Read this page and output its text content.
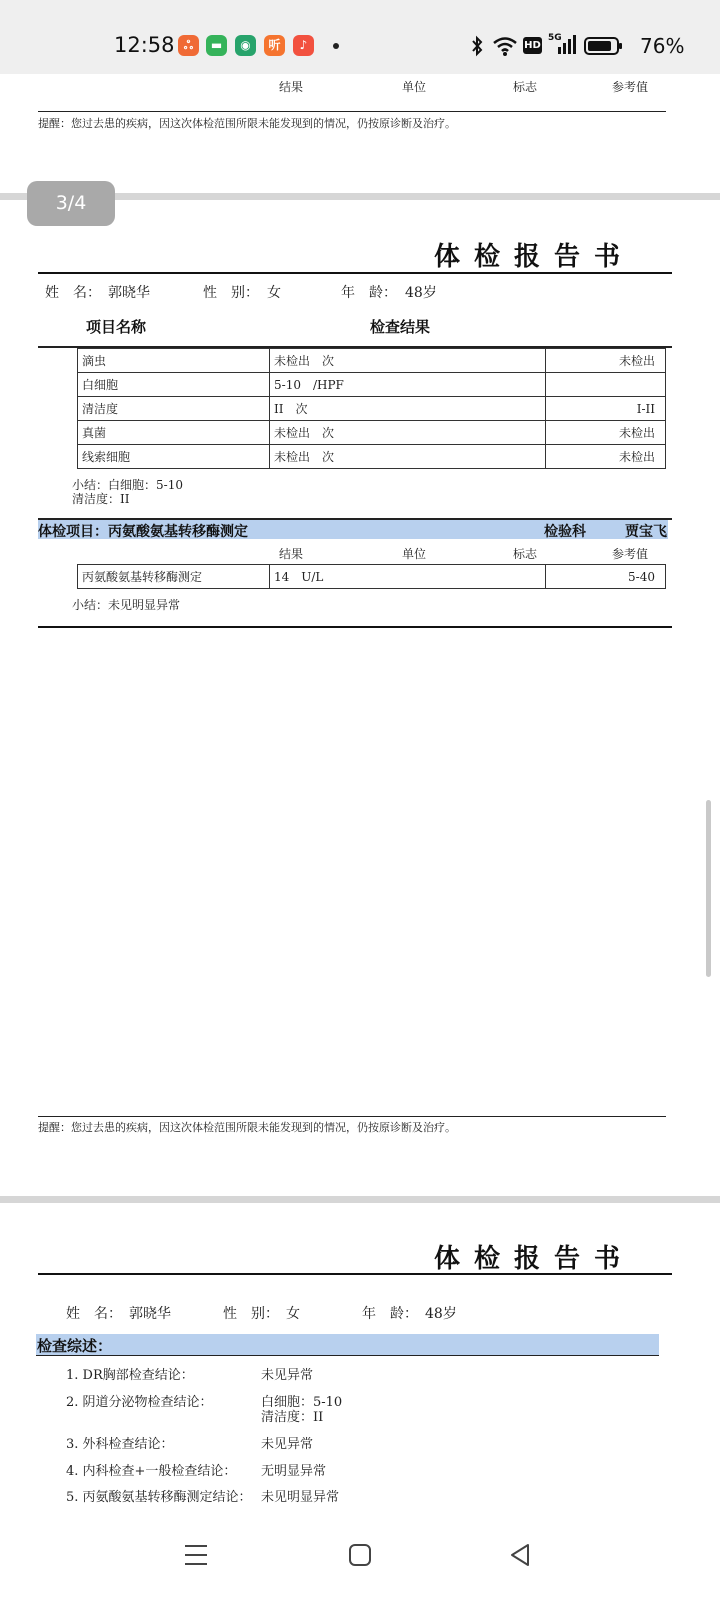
12:58 ஃ	▬	◉	听	♪	HD
5G	76%
结果	单位	标志	参考值
提醒：您过去患的疾病，因这次体检范围所限未能发现到的情况，仍按原诊断及治疗。
3/4
体检报告书
姓　名： 郭晓华	性　别： 女	年　龄： 48岁
项目名称	检查结果
滴虫	未检出　次	未检出
白细胞	5-10　/HPF	
清洁度	II　次	I-II
真菌	未检出　次	未检出
线索细胞	未检出　次	未检出
小结：白细胞：5-10
清洁度：II
体检项目：丙氨酸氨基转移酶测定	检验科	贾宝飞
结果	单位	标志	参考值
丙氨酸氨基转移酶测定	14　U/L	5-40
小结：未见明显异常
提醒：您过去患的疾病，因这次体检范围所限未能发现到的情况，仍按原诊断及治疗。
体检报告书
姓　名： 郭晓华	性　别： 女	年　龄： 48岁
检查综述：
1. DR胸部检查结论：	未见异常
2. 阴道分泌物检查结论：	白细胞：5-10
清洁度：II
3. 外科检查结论：	未见异常
4. 内科检查+一般检查结论： 无明显异常
5. 丙氨酸氨基转移酶测定结论： 未见明显异常
